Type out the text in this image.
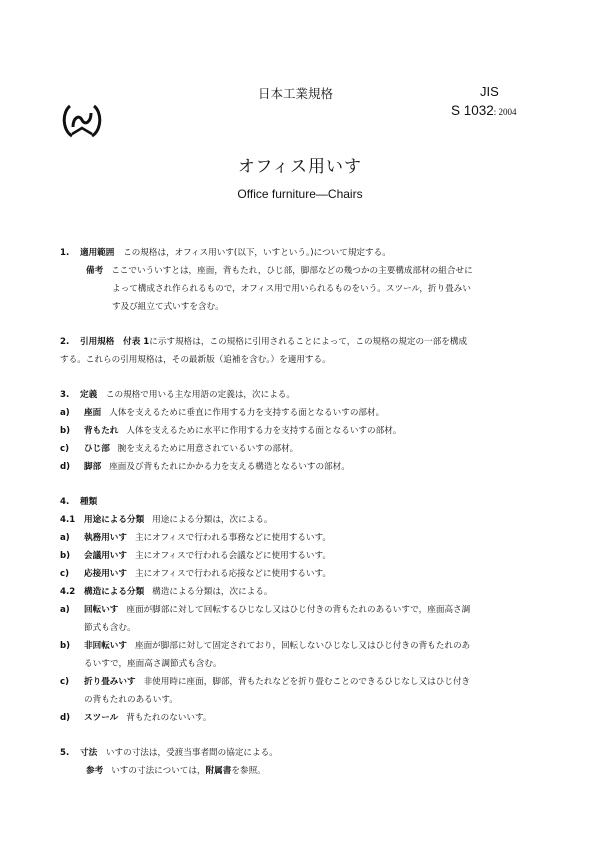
日本工業規格	JIS
S 1032: 2004
オフィス用いす
Office furniture—Chairs
1. 適用範囲 この規格は，オフィス用いす(以下，いすという。)について規定する。
備考 ここでいういすとは，座面，背もたれ，ひじ部，脚部などの幾つかの主要構成部材の組合せに
よって構成され作られるもので，オフィス用で用いられるものをいう。スツール，折り畳みい
す及び組立て式いすを含む。
2. 引用規格 付表 1に示す規格は，この規格に引用されることによって，この規格の規定の一部を構成
する。これらの引用規格は，その最新版（追補を含む。）を適用する。
3. 定義 この規格で用いる主な用語の定義は，次による。
a) 座面 人体を支えるために垂直に作用する力を支持する面となるいすの部材。
b) 背もたれ 人体を支えるために水平に作用する力を支持する面となるいすの部材。
c) ひじ部 腕を支えるために用意されているいすの部材。
d) 脚部 座面及び背もたれにかかる力を支える構造となるいすの部材。
4. 種類
4.1 用途による分類 用途による分類は，次による。
a) 執務用いす 主にオフィスで行われる事務などに使用するいす。
b) 会議用いす 主にオフィスで行われる会議などに使用するいす。
c) 応接用いす 主にオフィスで行われる応接などに使用するいす。
4.2 構造による分類 構造による分類は，次による。
a) 回転いす 座面が脚部に対して回転するひじなし又はひじ付きの背もたれのあるいすで，座面高さ調
節式も含む。
b) 非回転いす 座面が脚部に対して固定されており，回転しないひじなし又はひじ付きの背もたれのあ
るいすで，座面高さ調節式も含む。
c) 折り畳みいす 非使用時に座面，脚部，背もたれなどを折り畳むことのできるひじなし又はひじ付き
の背もたれのあるいす。
d) スツール 背もたれのないいす。
5. 寸法 いすの寸法は，受渡当事者間の協定による。
参考 いすの寸法については，附属書を参照。
